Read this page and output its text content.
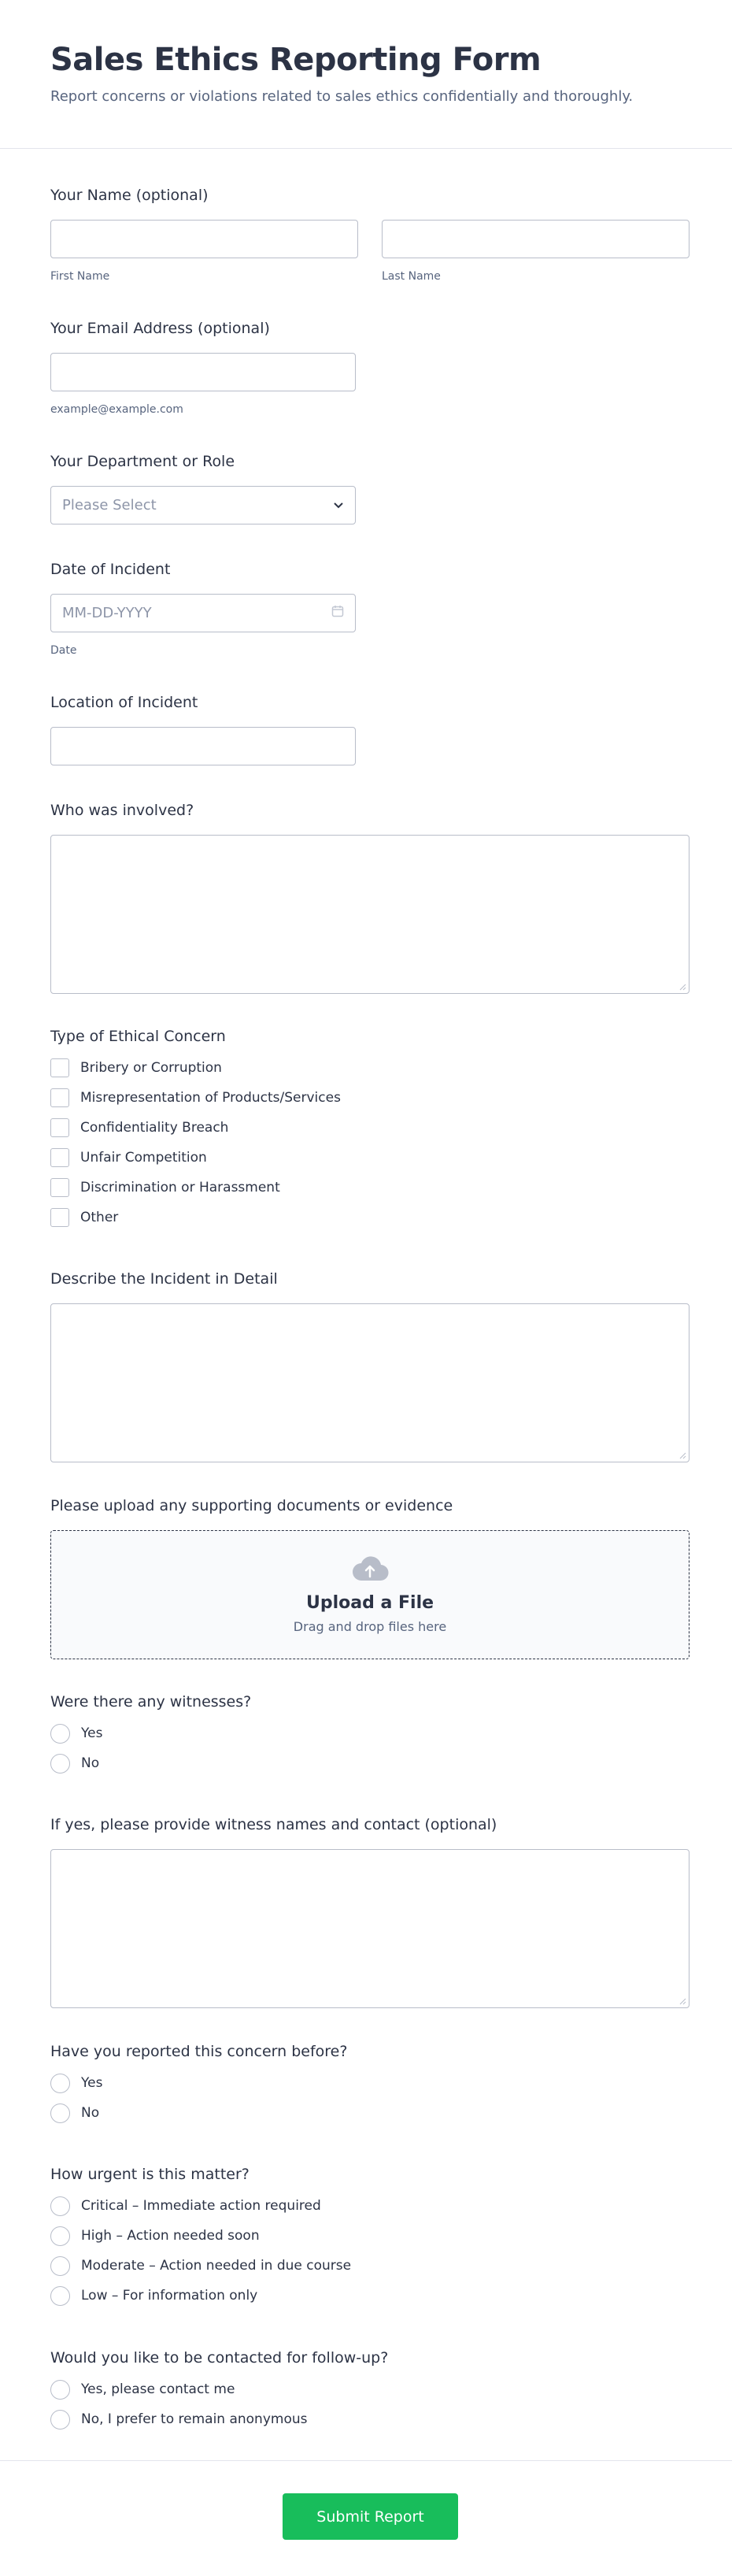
Sales Ethics Reporting Form
Report concerns or violations related to sales ethics confidentially and thoroughly.
Your Name (optional)
First Name	Last Name
Your Email Address (optional)
example@example.com
Your Department or Role
Please Select
Date of Incident
MM-DD-YYYY
Date
Location of Incident
Who was involved?
Type of Ethical Concern
Bribery or Corruption
Misrepresentation of Products/Services
Confidentiality Breach
Unfair Competition
Discrimination or Harassment
Other
Describe the Incident in Detail
Please upload any supporting documents or evidence
Upload a File
Drag and drop files here
Were there any witnesses?
Yes
No
If yes, please provide witness names and contact (optional)
Have you reported this concern before?
Yes
No
How urgent is this matter?
Critical – Immediate action required
High – Action needed soon
Moderate – Action needed in due course
Low – For information only
Would you like to be contacted for follow-up?
Yes, please contact me
No, I prefer to remain anonymous
Submit Report
